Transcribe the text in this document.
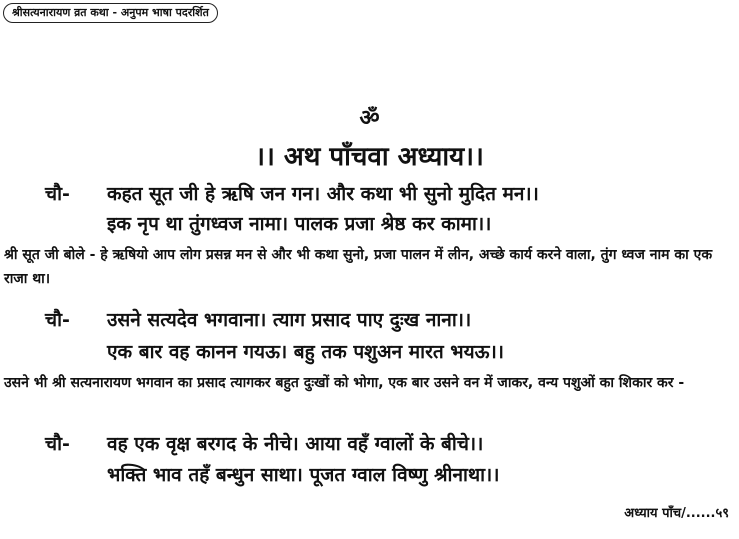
श्रीसत्यनारायण व्रत कथा - अनुपम भाषा पदरर्शित
ॐ
।। अथ पाँचवा अध्याय।।
चौ- कहत सूत जी हे ऋषि जन गन। और कथा भी सुनो मुदित मन।।
इक नृप था तुंगध्वज नामा। पालक प्रजा श्रेष्ठ कर कामा।।
श्री सूत जी बोले - हे ऋषियो आप लोग प्रसन्न मन से और भी कथा सुनो, प्रजा पालन में लीन, अच्छे कार्य करने वाला, तुंग ध्वज नाम का एक राजा था।
चौ- उसने सत्यदेव भगवाना। त्याग प्रसाद पाए दुःख नाना।।
एक बार वह कानन गयऊ। बहु तक पशुअन मारत भयऊ।।
उसने भी श्री सत्यनारायण भगवान का प्रसाद त्यागकर बहुत दुःखों को भोगा, एक बार उसने वन में जाकर, वन्य पशुओं का शिकार कर -
चौ- वह एक वृक्ष बरगद के नीचे। आया वहँ ग्वालों के बीचे।।
भक्ति भाव तहँ बन्धुन साथा। पूजत ग्वाल विष्णु श्रीनाथा।।
अध्याय पाँच/......५९
